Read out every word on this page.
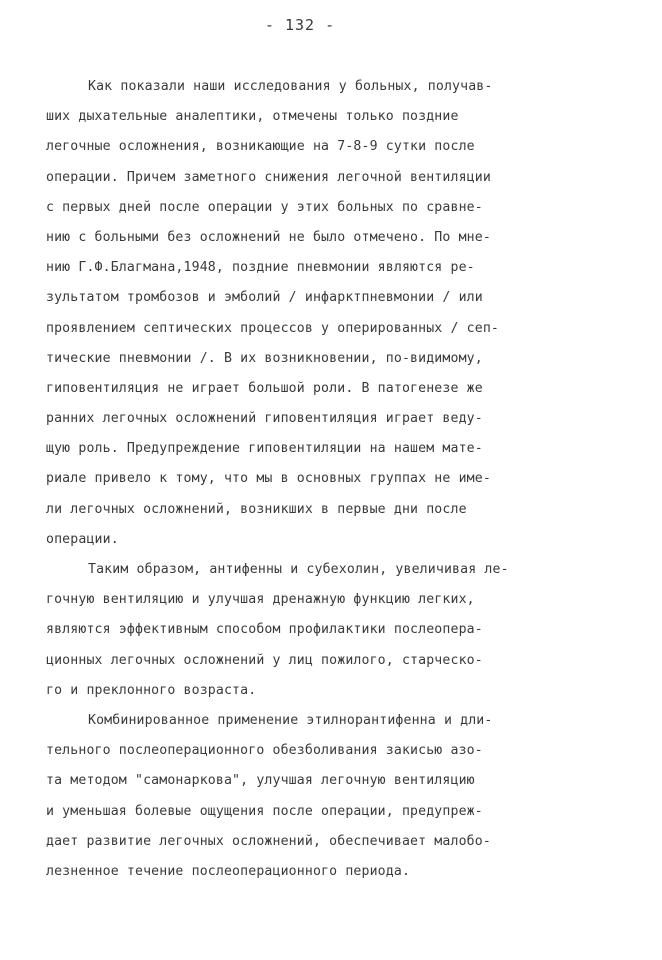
- 132 -
Как показали наши исследования у больных, получав-
ших дыхательные аналептики, отмечены только поздние
легочные осложнения, возникающие на 7-8-9 сутки после
операции. Причем заметного снижения легочной вентиляции
с первых дней после операции у этих больных по сравне-
нию с больными без осложнений не было отмечено. По мне-
нию Г.Ф.Благмана,1948, поздние пневмонии являются ре-
зультатом тромбозов и эмболий / инфарктпневмонии / или
проявлением септических процессов у оперированных / сеп-
тические пневмонии /. В их возникновении, по-видимому,
гиповентиляция не играет большой роли. В патогенезе же
ранних легочных осложнений гиповентиляция играет веду-
щую роль. Предупреждение гиповентиляции на нашем мате-
риале привело к тому, что мы в основных группах не име-
ли легочных осложнений, возникших в первые дни после
операции.
Таким образом, антифенны и субехолин, увеличивая ле-
гочную вентиляцию и улучшая дренажную функцию легких,
являются эффективным способом профилактики послеопера-
ционных легочных осложнений у лиц пожилого, старческо-
го и преклонного возраста.
Комбинированное применение этилнорантифенна и дли-
тельного послеоперационного обезболивания закисью азо-
та методом "самонаркова", улучшая легочную вентиляцию
и уменьшая болевые ощущения после операции, предупреж-
дает развитие легочных осложнений, обеспечивает малобо-
лезненное течение послеоперационного периода.
